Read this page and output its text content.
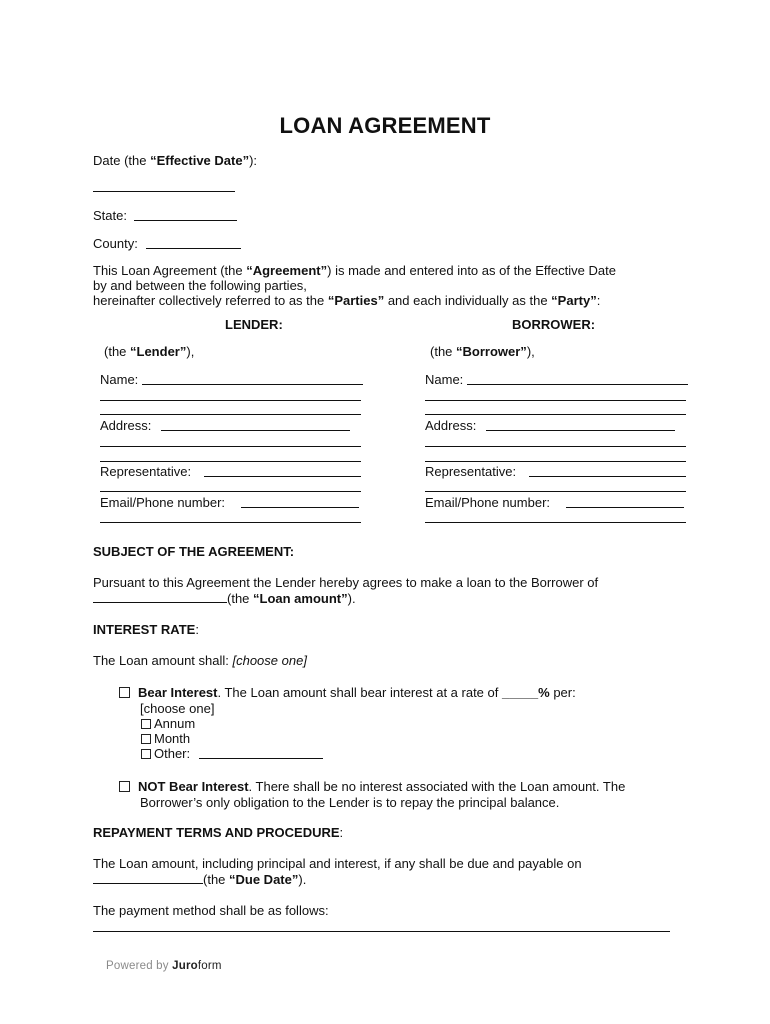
LOAN AGREEMENT
Date (the “Effective Date”):
State:
County:
This Loan Agreement (the “Agreement”) is made and entered into as of the Effective Date
by and between the following parties,
hereinafter collectively referred to as the “Parties” and each individually as the “Party”:
LENDER:	BORROWER:
(the “Lender”),	(the “Borrower”),
Name:
Address:
Representative:
Email/Phone number:
Name:
Address:
Representative:
Email/Phone number:
SUBJECT OF THE AGREEMENT:
Pursuant to this Agreement the Lender hereby agrees to make a loan to the Borrower of
(the “Loan amount”).
INTEREST RATE:
The Loan amount shall: [choose one]
Bear Interest. The Loan amount shall bear interest at a rate of _____% per:
[choose one]
Annum
Month
Other:
NOT Bear Interest. There shall be no interest associated with the Loan amount. The
Borrower’s only obligation to the Lender is to repay the principal balance.
REPAYMENT TERMS AND PROCEDURE:
The Loan amount, including principal and interest, if any shall be due and payable on
(the “Due Date”).
The payment method shall be as follows:
Powered by Juroform
